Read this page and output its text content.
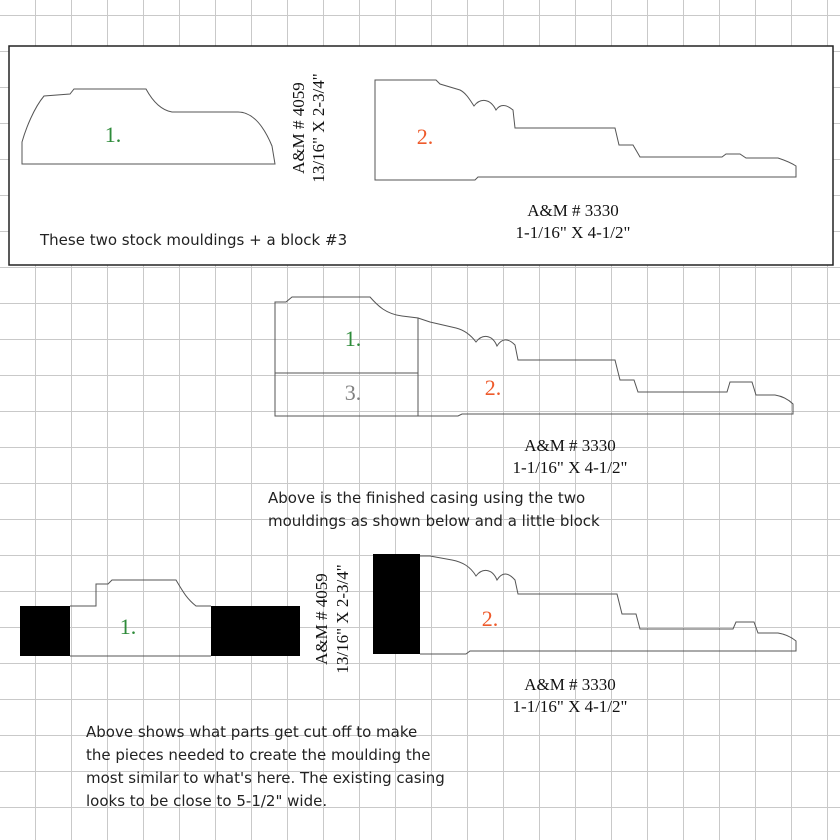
1.	A&M # 4059 13/16" X 2-3/4"	2.
A&M # 3330
1-1/16" X 4-1/2"
These two stock mouldings + a block #3
1.
3.	2.
A&M # 3330
1-1/16" X 4-1/2"
Above is the finished casing using the two
mouldings as shown below and a little block
1.	A&M # 4059 13/16" X 2-3/4"	2.
A&M # 3330
1-1/16" X 4-1/2"
Above shows what parts get cut off to make
the pieces needed to create the moulding the
most similar to what's here. The existing casing
looks to be close to 5-1/2" wide.
